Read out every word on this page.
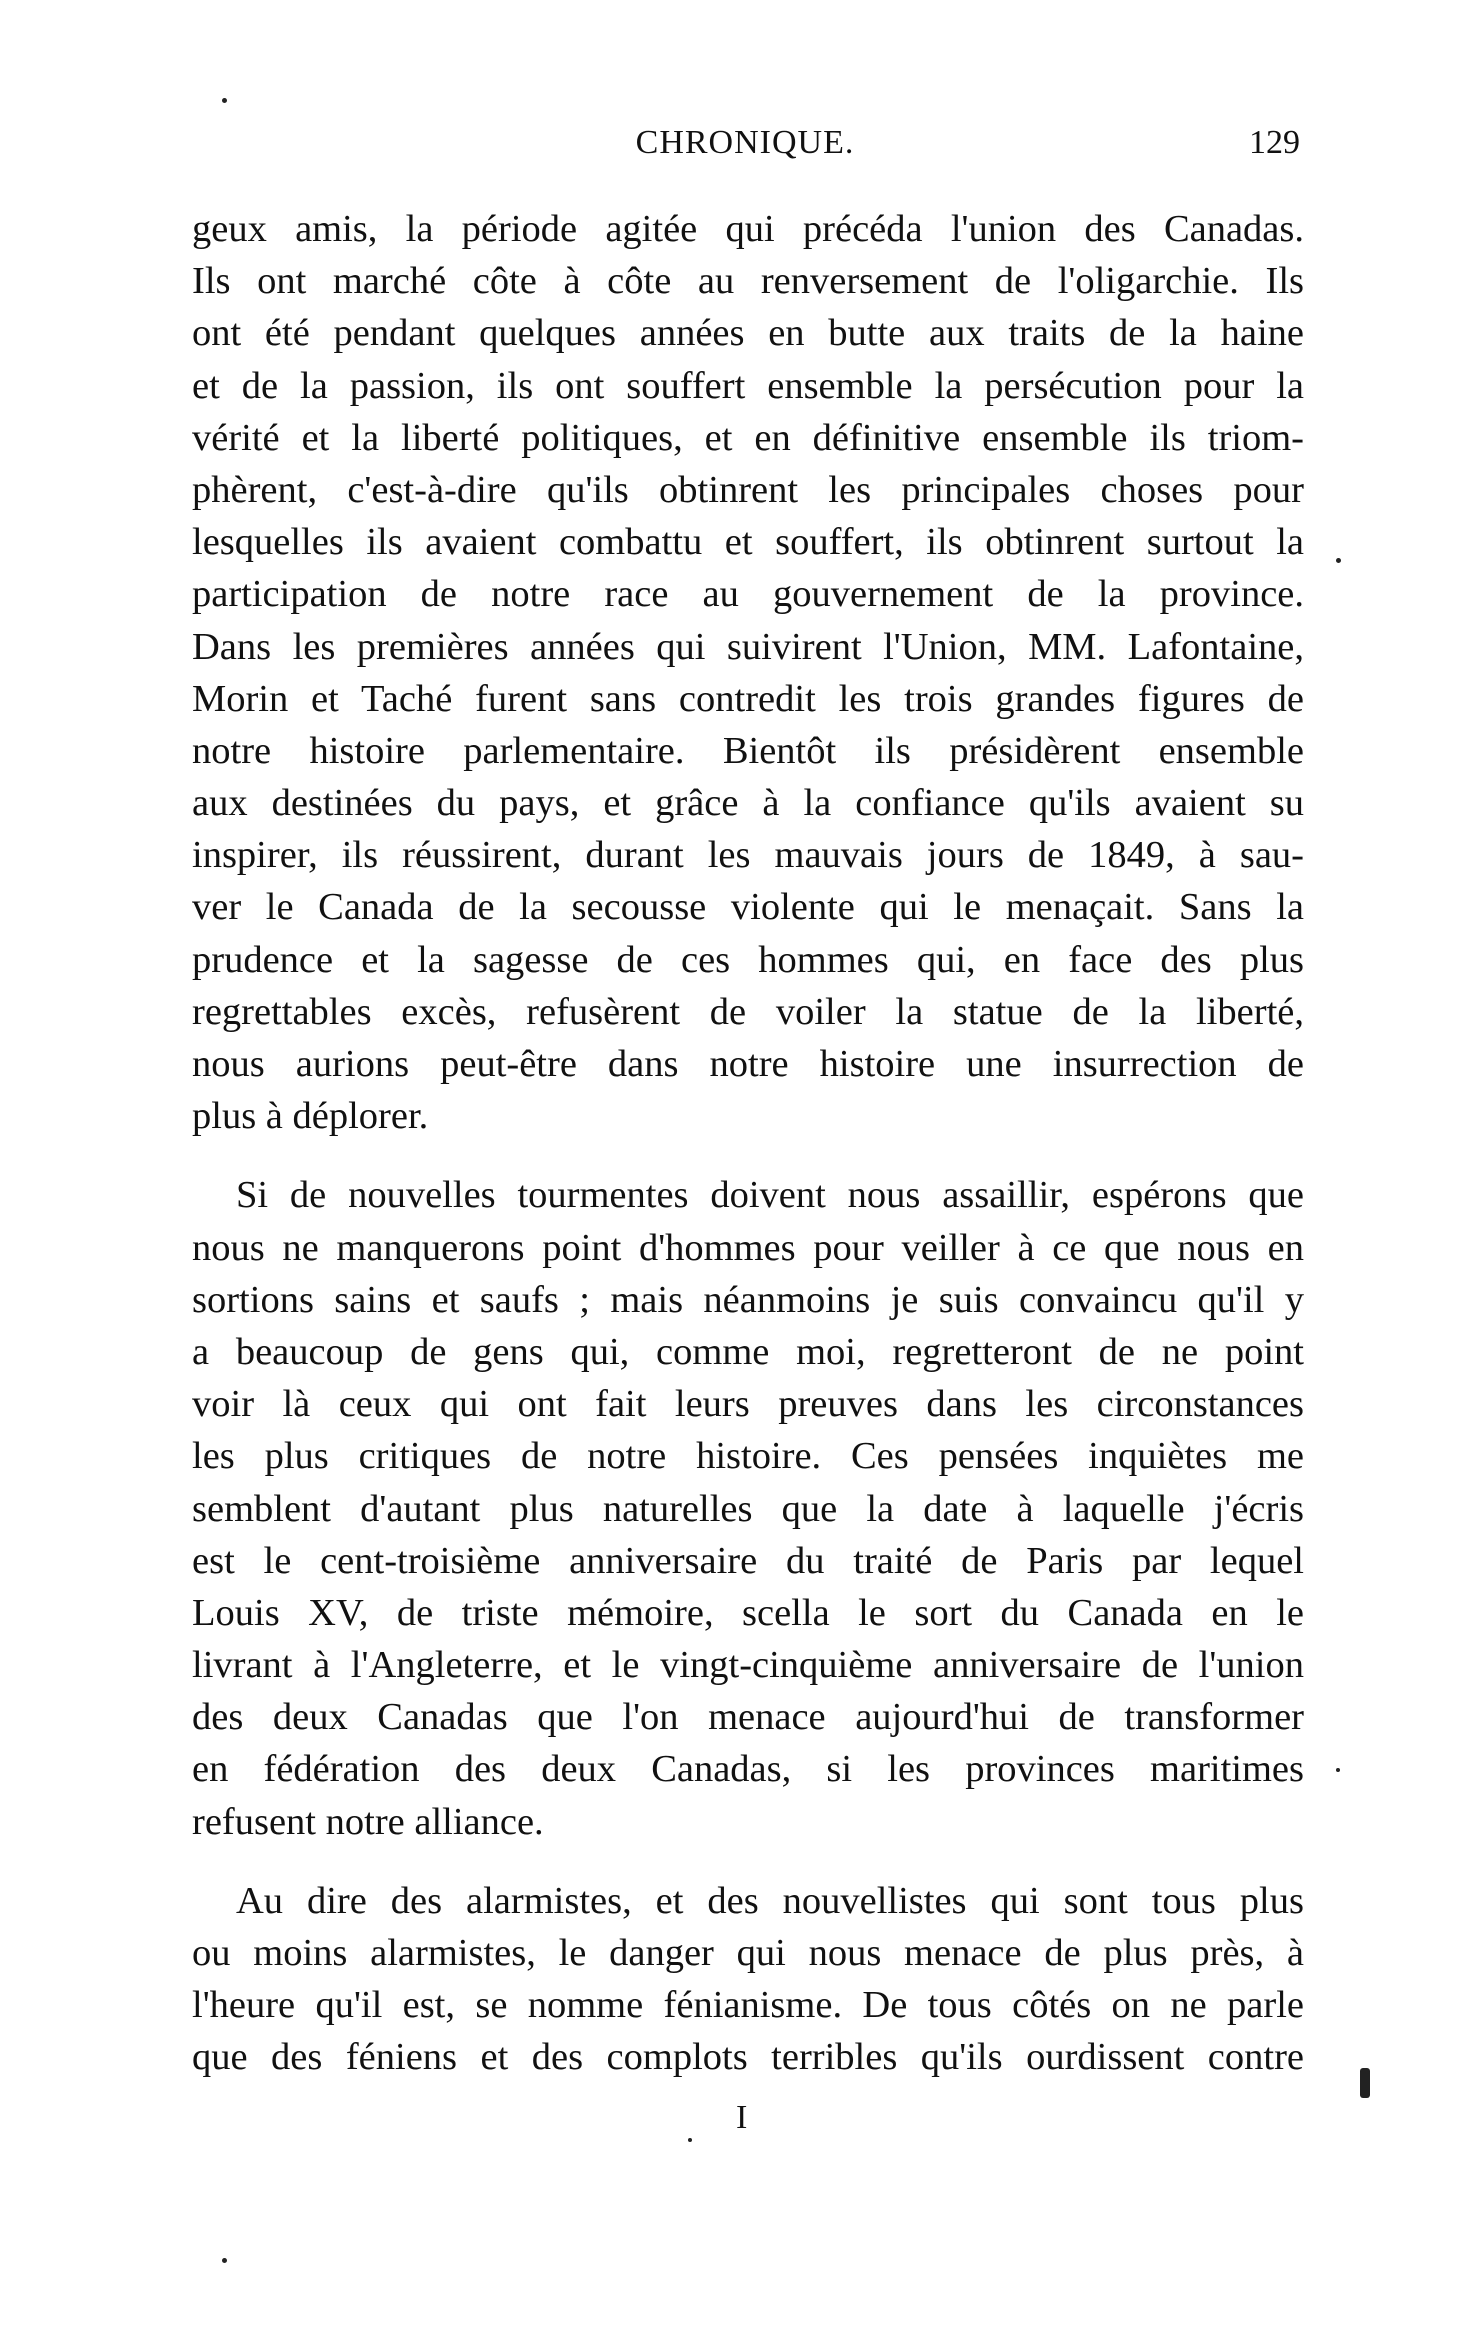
CHRONIQUE.	129
geux amis, la période agitée qui précéda l'union des Canadas.
Ils ont marché côte à côte au renversement de l'oligarchie. Ils
ont été pendant quelques années en butte aux traits de la haine
et de la passion, ils ont souffert ensemble la persécution pour la
vérité et la liberté politiques, et en définitive ensemble ils triom-
phèrent, c'est-à-dire qu'ils obtinrent les principales choses pour
lesquelles ils avaient combattu et souffert, ils obtinrent surtout la
participation de notre race au gouvernement de la province.
Dans les premières années qui suivirent l'Union, MM. Lafontaine,
Morin et Taché furent sans contredit les trois grandes figures de
notre histoire parlementaire. Bientôt ils présidèrent ensemble
aux destinées du pays, et grâce à la confiance qu'ils avaient su
inspirer, ils réussirent, durant les mauvais jours de 1849, à sau-
ver le Canada de la secousse violente qui le menaçait. Sans la
prudence et la sagesse de ces hommes qui, en face des plus
regrettables excès, refusèrent de voiler la statue de la liberté,
nous aurions peut-être dans notre histoire une insurrection de
plus à déplorer.
Si de nouvelles tourmentes doivent nous assaillir, espérons que
nous ne manquerons point d'hommes pour veiller à ce que nous en
sortions sains et saufs ; mais néanmoins je suis convaincu qu'il y
a beaucoup de gens qui, comme moi, regretteront de ne point
voir là ceux qui ont fait leurs preuves dans les circonstances
les plus critiques de notre histoire. Ces pensées inquiètes me
semblent d'autant plus naturelles que la date à laquelle j'écris
est le cent-troisième anniversaire du traité de Paris par lequel
Louis XV, de triste mémoire, scella le sort du Canada en le
livrant à l'Angleterre, et le vingt-cinquième anniversaire de l'union
des deux Canadas que l'on menace aujourd'hui de transformer
en fédération des deux Canadas, si les provinces maritimes
refusent notre alliance.
Au dire des alarmistes, et des nouvellistes qui sont tous plus
ou moins alarmistes, le danger qui nous menace de plus près, à
l'heure qu'il est, se nomme fénianisme. De tous côtés on ne parle
que des féniens et des complots terribles qu'ils ourdissent contre
I
